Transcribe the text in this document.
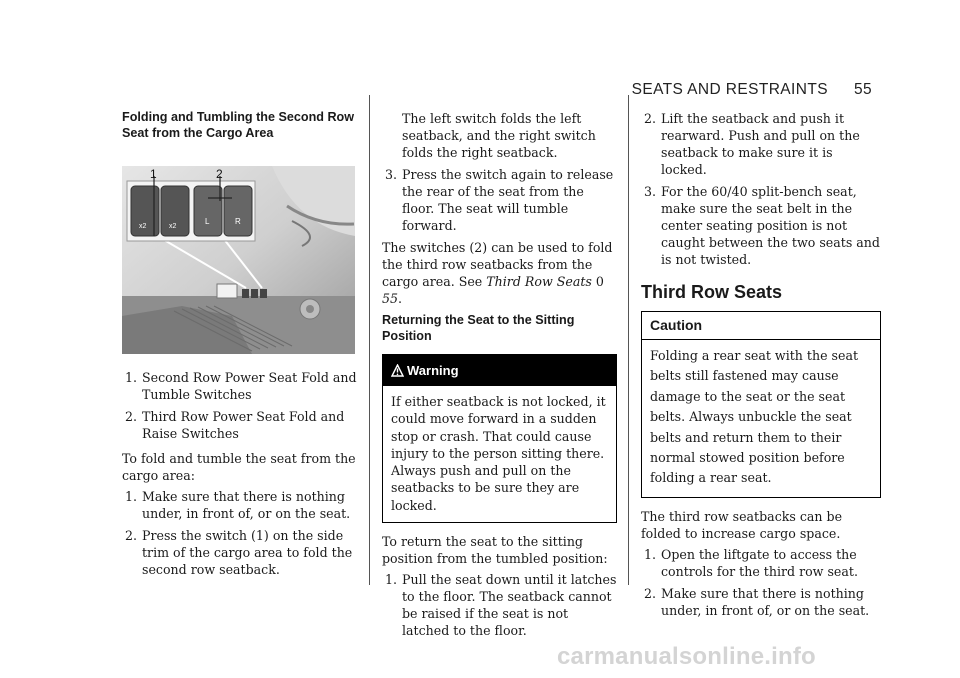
SEATS AND RESTRAINTS 55
Folding and Tumbling the Second Row Seat from the Cargo Area
1	2
x2	x2
L	R
1. Second Row Power Seat Fold and Tumble Switches
2. Third Row Power Seat Fold and Raise Switches

To fold and tumble the seat from the cargo area:

1. Make sure that there is nothing under, in front of, or on the seat.
2. Press the switch (1) on the side trim of the cargo area to fold the second row seatback.

The left switch folds the left seatback, and the right switch folds the right seatback.

3. Press the switch again to release the rear of the seat from the floor. The seat will tumble forward.

The switches (2) can be used to fold the third row seatbacks from the cargo area. See Third Row Seats 0 55.

Returning the Seat to the Sitting Position
Warning
If either seatback is not locked, it could move forward in a sudden stop or crash. That could cause injury to the person sitting there. Always push and pull on the seatbacks to be sure they are locked.

To return the seat to the sitting position from the tumbled position:

1. Pull the seat down until it latches to the floor. The seatback cannot be raised if the seat is not latched to the floor.
2. Lift the seatback and push it rearward. Push and pull on the seatback to make sure it is locked.
3. For the 60/40 split-bench seat, make sure the seat belt in the center seating position is not caught between the two seats and is not twisted.
Third Row Seats
Caution
Folding a rear seat with the seat belts still fastened may cause damage to the seat or the seat belts. Always unbuckle the seat belts and return them to their normal stowed position before folding a rear seat.

The third row seatbacks can be folded to increase cargo space.

1. Open the liftgate to access the controls for the third row seat.
2. Make sure that there is nothing under, in front of, or on the seat.
carmanualsonline.info
